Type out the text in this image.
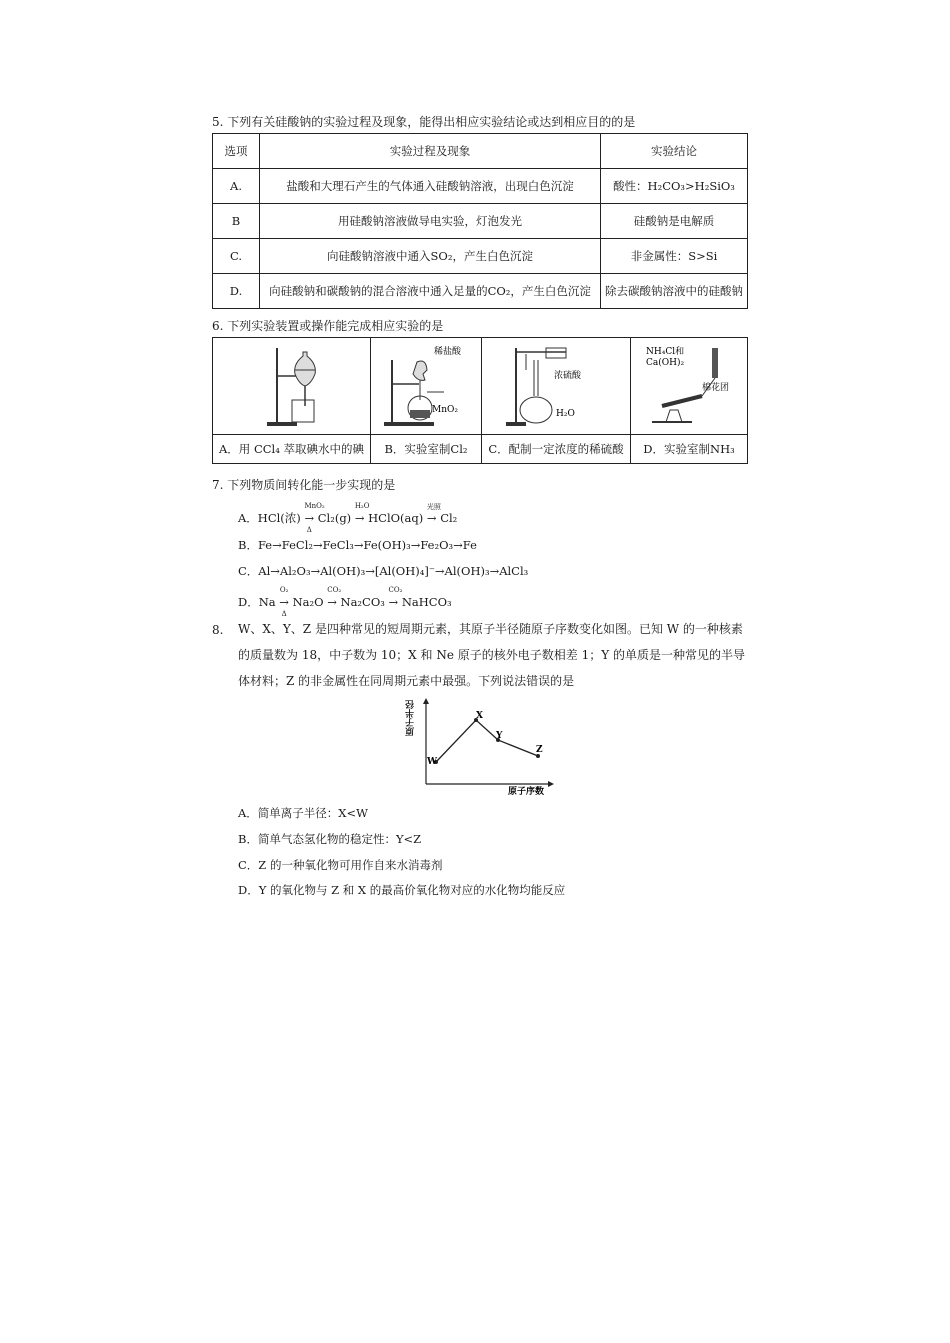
5. 下列有关硅酸钠的实验过程及现象，能得出相应实验结论或达到相应目的的是
选项	实验过程及现象	实验结论
A.	盐酸和大理石产生的气体通入硅酸钠溶液，出现白色沉淀	酸性：H₂CO₃>H₂SiO₃
B	用硅酸钠溶液做导电实验，灯泡发光	硅酸钠是电解质
C.	向硅酸钠溶液中通入SO₂，产生白色沉淀	非金属性：S>Si
D.	向硅酸钠和碳酸钠的混合溶液中通入足量的CO₂，产生白色沉淀	除去碳酸钠溶液中的硅酸钠
6. 下列实验装置或操作能完成相应实验的是

稀盐酸
MnO₂	浓硫酸
H₂O	NH₄Cl和
Ca(OH)₂
棉花团

A．用 CCl₄ 萃取碘水中的碘	B．实验室制Cl₂	C．配制一定浓度的稀硫酸	D．实验室制NH₃
7. 下列物质间转化能一步实现的是
A．HCl(浓)
MnO₂
→
Δ
Cl₂(g)
H₂O
→ HClO(aq)
光照
→ Cl₂
B．Fe→FeCl₂→FeCl₃→Fe(OH)₃→Fe₂O₃→Fe
C．Al→Al₂O₃→Al(OH)₃→[Al(OH)₄]⁻→Al(OH)₃→AlCl₃
D．Na
O₂
→
Δ
Na₂O
CO₂
→ Na₂CO₃
CO₂
→ NaHCO₃
8. W、X、Y、Z 是四种常见的短周期元素，其原子半径随原子序数变化如图。已知 W 的一种核素的质量数为 18，中子数为 10；X 和 Ne 原子的核外电子数相差 1；Y 的单质是一种常见的半导体材料；Z 的非金属性在同周期元素中最强。下列说法错误的是
W
X
Y
Z
原子序数
原子半径
A．简单离子半径：X<W
B．简单气态氢化物的稳定性：Y<Z
C．Z 的一种氧化物可用作自来水消毒剂
D．Y 的氧化物与 Z 和 X 的最高价氧化物对应的水化物均能反应
